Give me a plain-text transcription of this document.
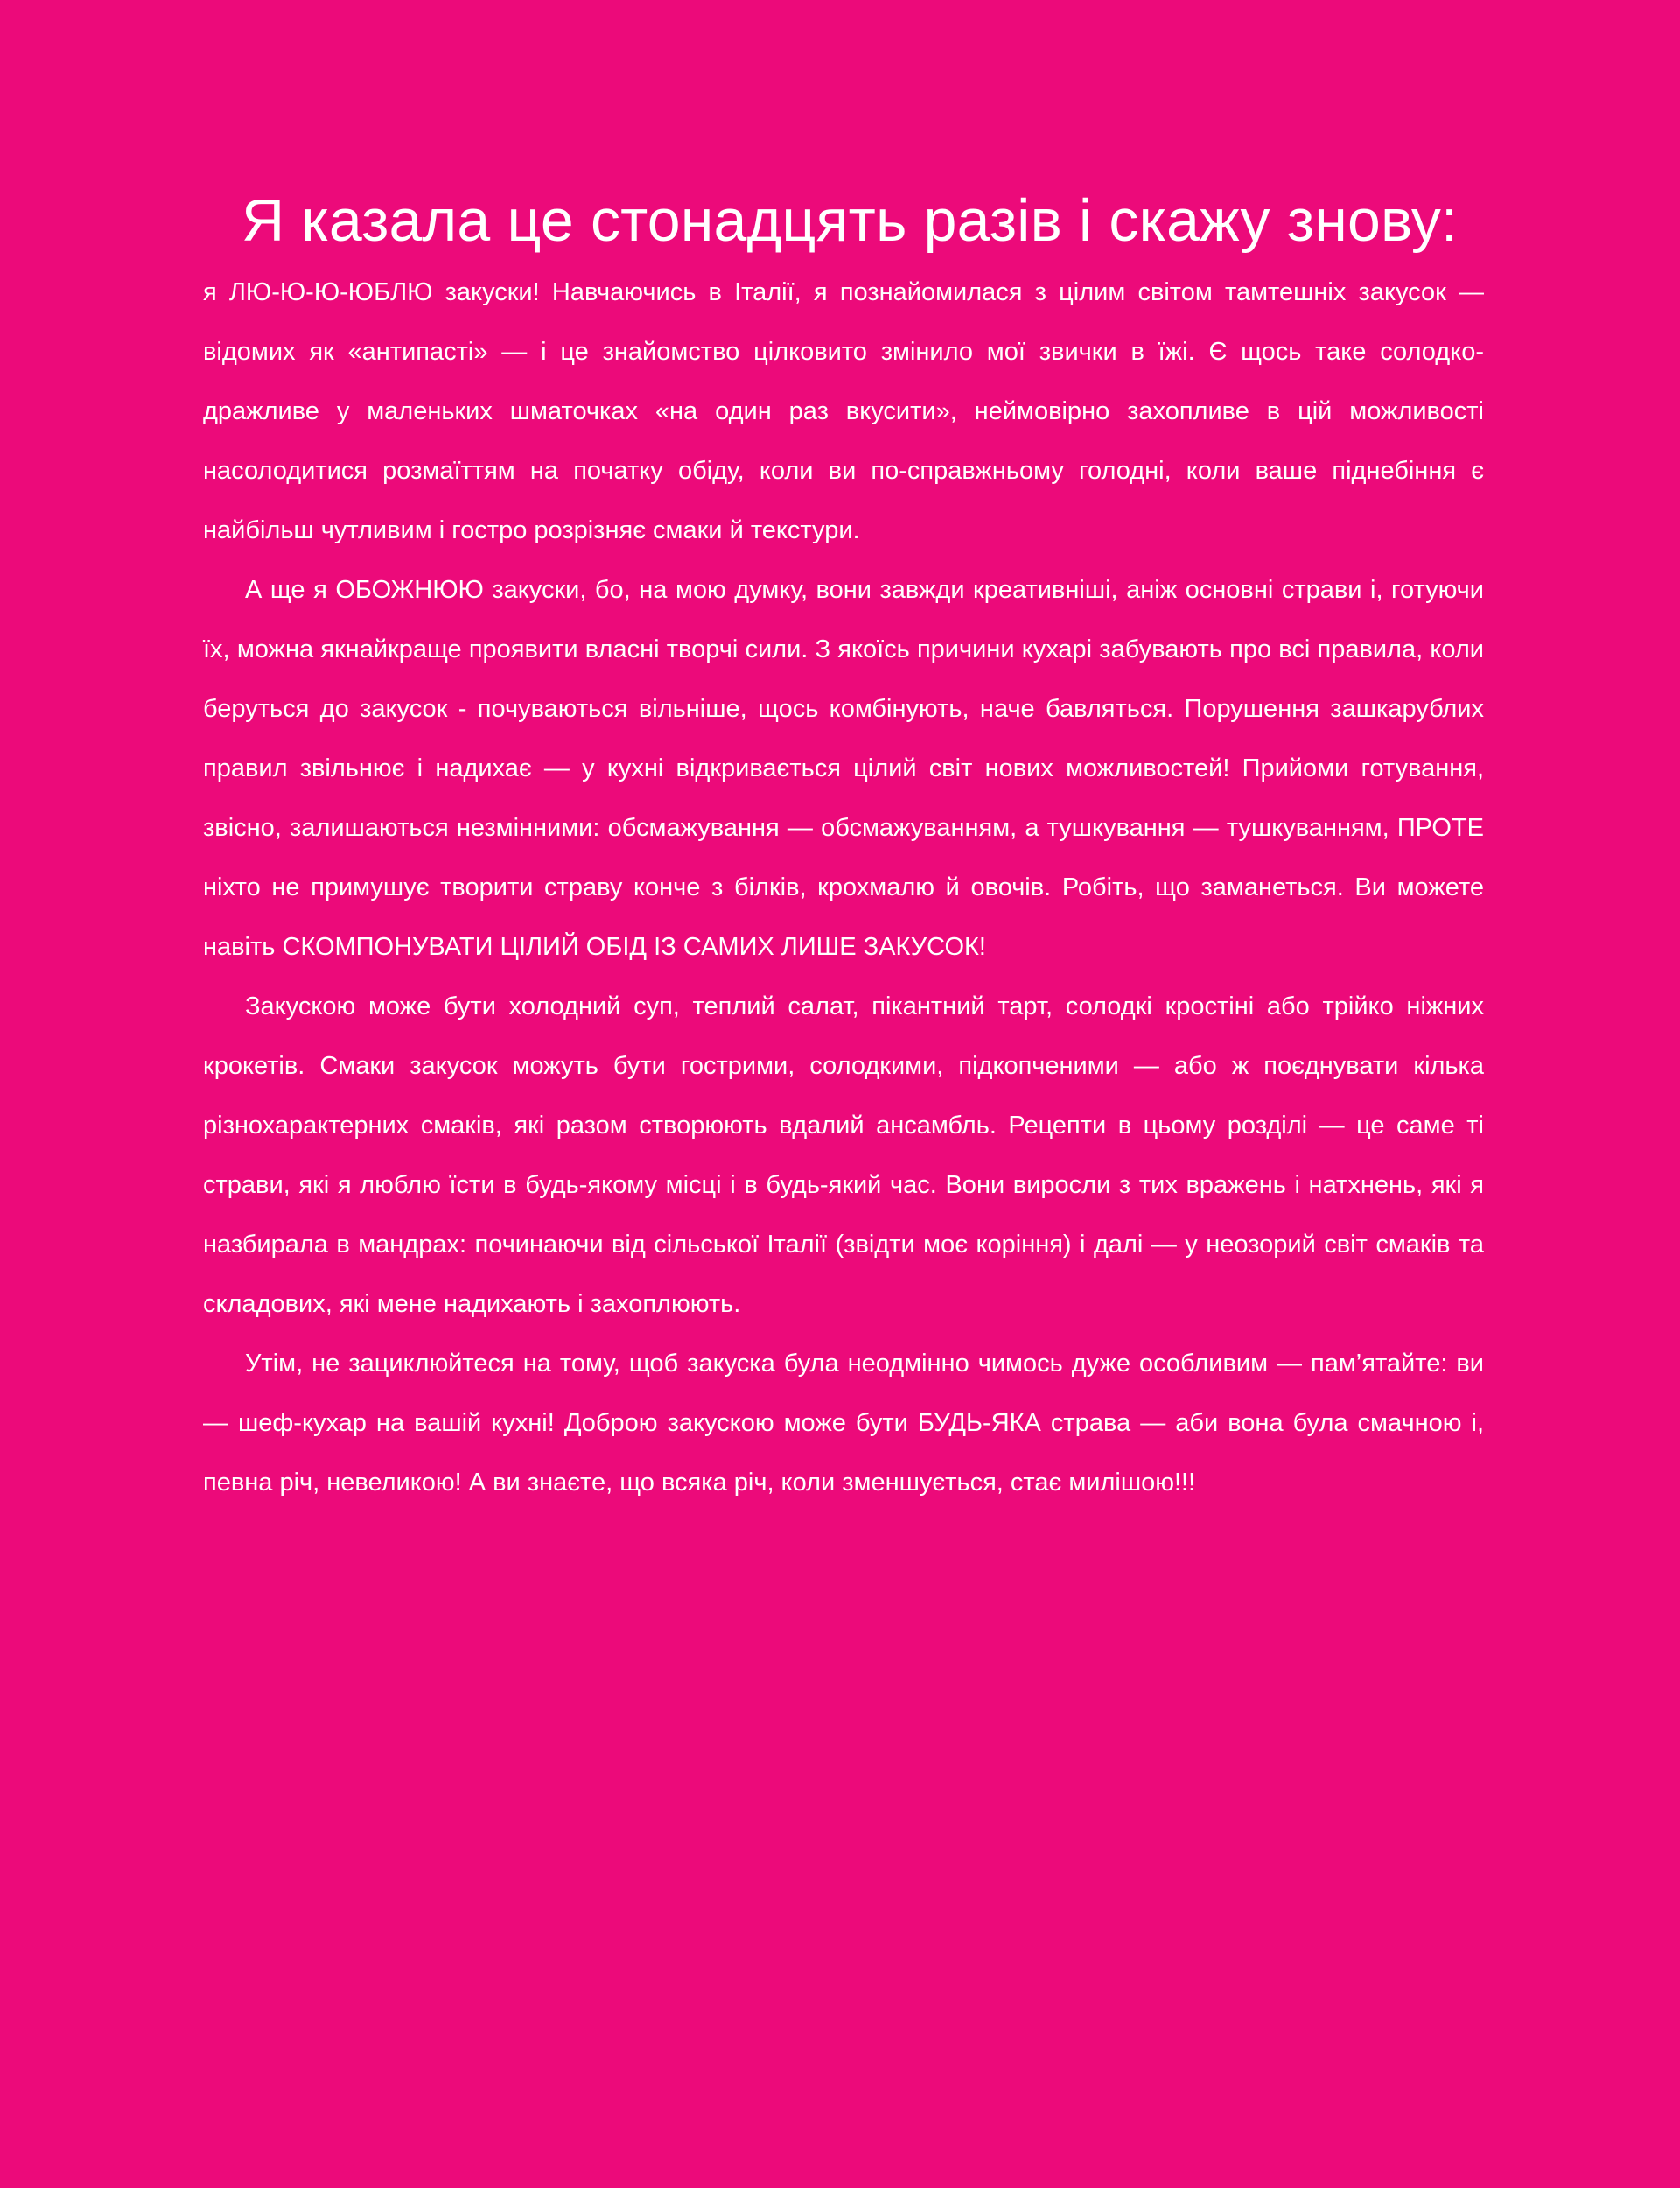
Я казала це стонадцять разів і скажу знову:

я ЛЮ-Ю-Ю-ЮБЛЮ закуски! Навчаючись в Італії, я познайомилася з цілим світом тамтешніх закусок — відомих як «антипасті» — і це знайомство цілковито змінило мої звички в їжі. Є щось таке солодко-дражливе у маленьких шматочках «на один раз вкусити», неймовірно захопливе в цій можливості насолодитися розмаїттям на початку обіду, коли ви по-справжньому голодні, коли ваше піднебіння є найбільш чутливим і гостро розрізняє смаки й текстури.

А ще я ОБОЖНЮЮ закуски, бо, на мою думку, вони завжди креативніші, аніж основні страви і, готуючи їх, можна якнайкраще проявити власні творчі сили. З якоїсь причини кухарі забувають про всі правила, коли беруться до закусок - почуваються вільніше, щось комбінують, наче бавляться. Порушення зашкарублих правил звільнює і надихає — у кухні відкривається цілий світ нових можливостей! Прийоми готування, звісно, залишаються незмінними: обсмажування — обсмажуванням, а тушкування — тушкуванням, ПРОТЕ ніхто не примушує творити страву конче з білків, крохмалю й овочів. Робіть, що заманеться. Ви можете навіть СКОМПОНУВАТИ ЦІЛИЙ ОБІД ІЗ САМИХ ЛИШЕ ЗАКУСОК!

Закускою може бути холодний суп, теплий салат, пікантний тарт, солодкі кростіні або трійко ніжних крокетів. Смаки закусок можуть бути гострими, солодкими, підкопченими — або ж поєднувати кілька різнохарактерних смаків, які разом створюють вдалий ансамбль. Рецепти в цьому розділі — це саме ті страви, які я люблю їсти в будь-якому місці і в будь-який час. Вони виросли з тих вражень і натхнень, які я назбирала в мандрах: починаючи від сільської Італії (звідти моє коріння) і далі — у неозорий світ смаків та складових, які мене надихають і захоплюють.

Утім, не зациклюйтеся на тому, щоб закуска була неодмінно чимось дуже особливим — пам’ятайте: ви — шеф-кухар на вашій кухні! Доброю закускою може бути БУДЬ-ЯКА страва — аби вона була смачною і, певна річ, невеликою! А ви знаєте, що всяка річ, коли зменшується, стає милішою!!!
